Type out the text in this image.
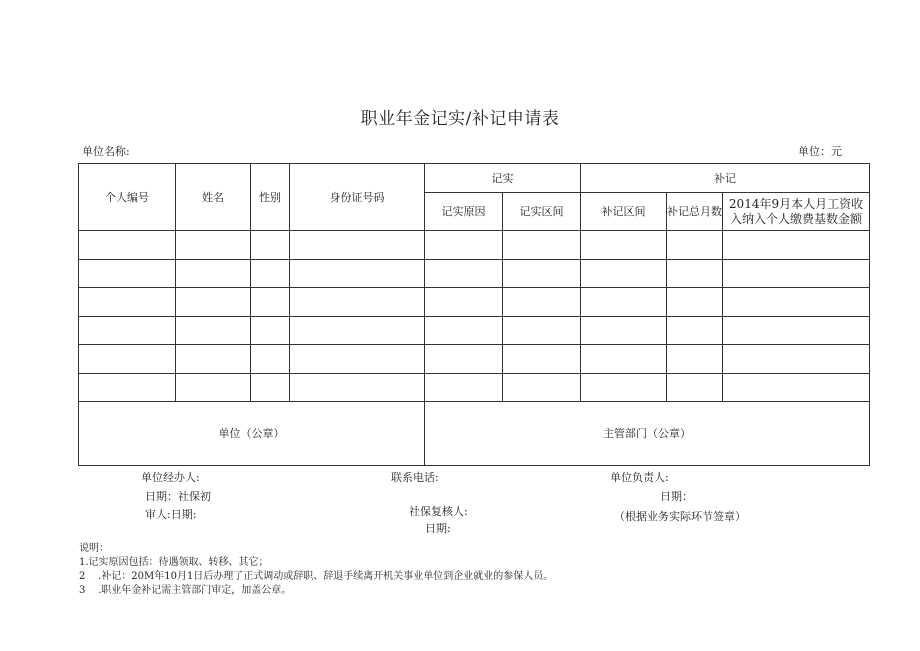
职业年金记实/补记申请表
单位名称:	单位：元
个人编号	姓名	性别	身份证号码	记实		补记		
				记实原因	记实区间	补记区间	补记总月数	2014年9月本人月工资收入纳入个人缴费基数金额

单位（公章）				主管部门（公章）				
单位经办人:	联系电话:	单位负责人:
日期：社保初	日期：
审人:日期:	社保复核人:	（根据业务实际环节签章）
日期:
说明：
1.记实原因包括：待遇领取、转移、其它；
2    .补记：20M年10月1日后办理了正式调动或辞职、辞退手续离开机关事业单位到企业就业的参保人员。
3    .职业年金补记需主管部门审定，加盖公章。
